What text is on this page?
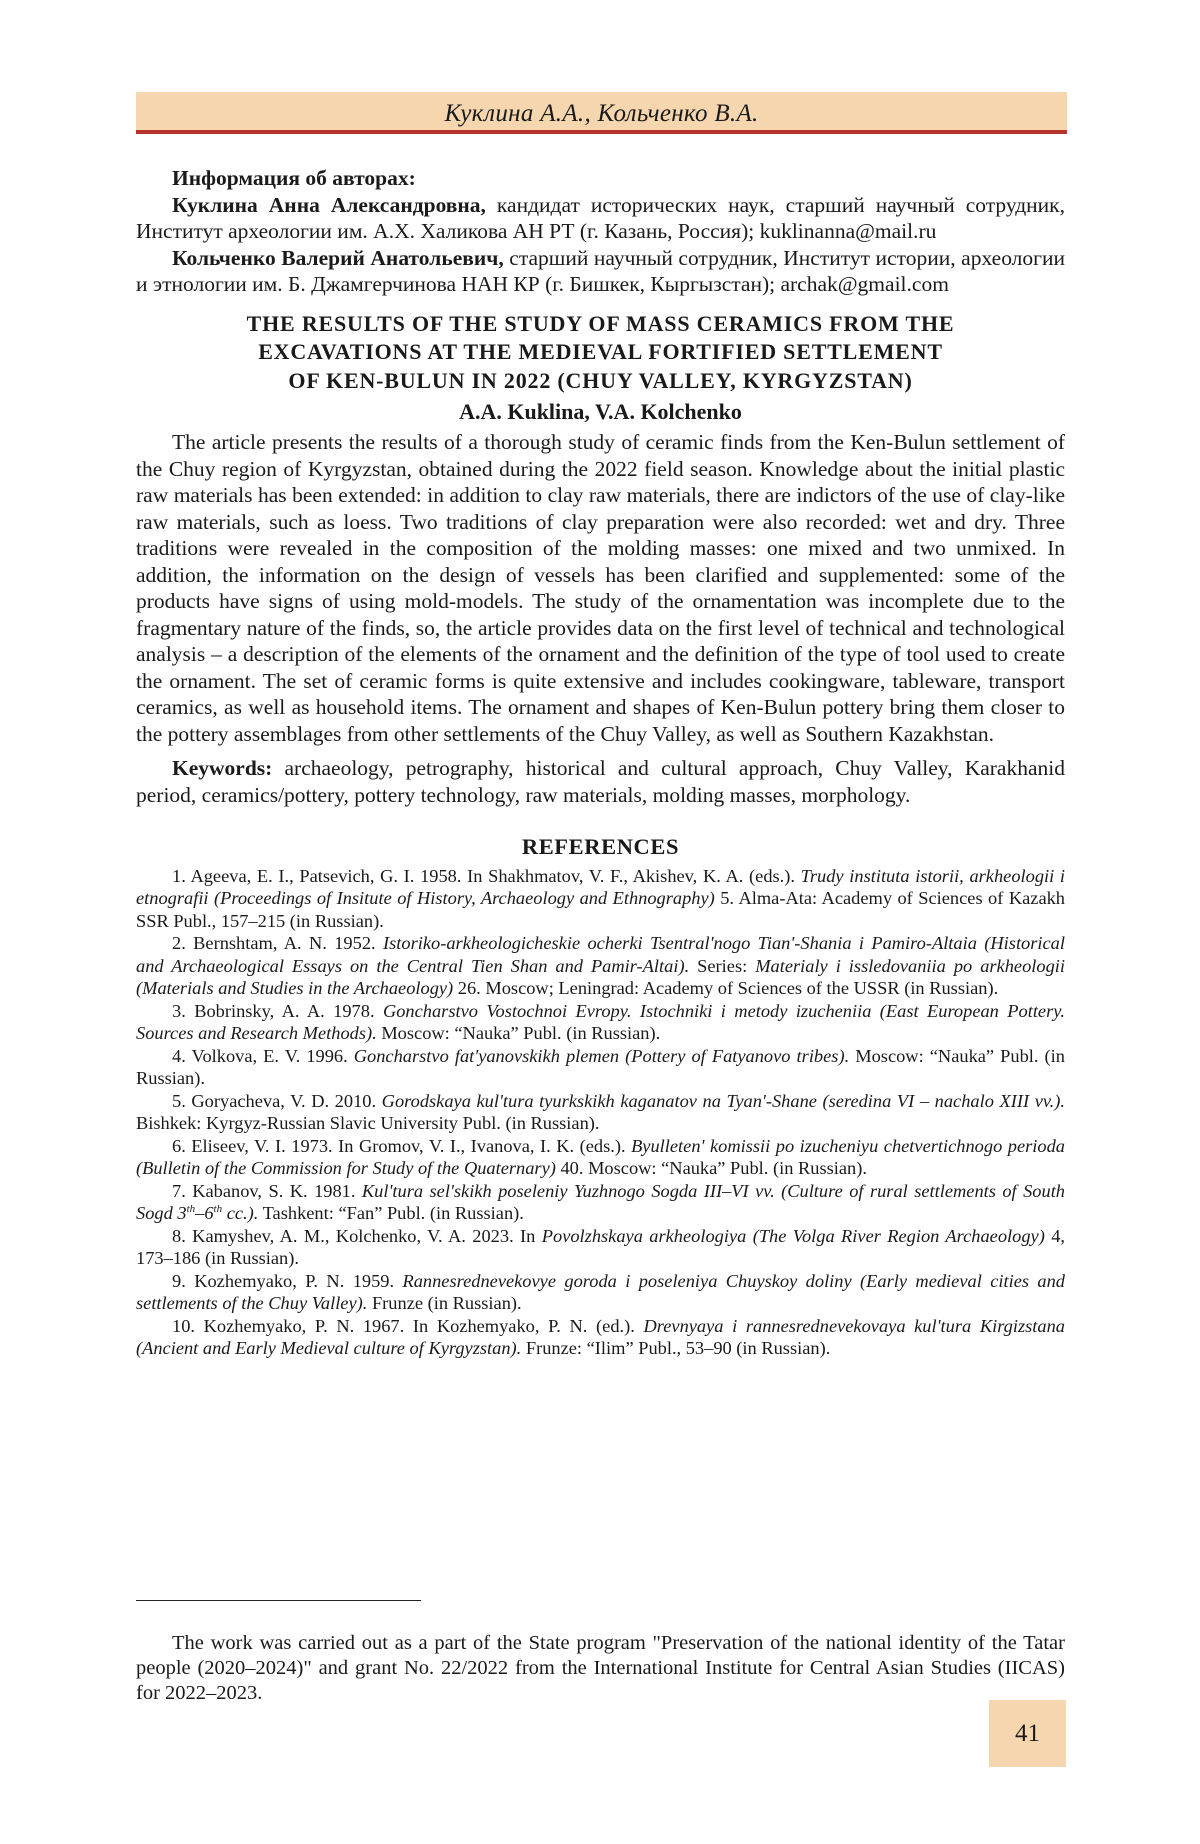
Куклина А.А., Кольченко В.А.

Информация об авторах:

Куклина Анна Александровна, кандидат исторических наук, старший научный сотрудник, Институт археологии им. А.Х. Халикова АН РТ (г. Казань, Россия); kuklinanna@mail.ru

Кольченко Валерий Анатольевич, старший научный сотрудник, Институт истории, археологии и этнологии им. Б. Джамгерчинова НАН КР (г. Бишкек, Кыргызстан); archak@gmail.com

THE RESULTS OF THE STUDY OF MASS CERAMICS FROM THE
EXCAVATIONS AT THE MEDIEVAL FORTIFIED SETTLEMENT
OF KEN-BULUN IN 2022 (CHUY VALLEY, KYRGYZSTAN)

A.A. Kuklina, V.A. Kolchenko

The article presents the results of a thorough study of ceramic finds from the Ken-Bulun settlement of the Chuy region of Kyrgyzstan, obtained during the 2022 field season. Knowledge about the initial plastic raw materials has been extended: in addition to clay raw materials, there are indictors of the use of clay-like raw materials, such as loess. Two traditions of clay preparation were also recorded: wet and dry. Three traditions were revealed in the composition of the molding masses: one mixed and two unmixed. In addition, the information on the design of vessels has been clarified and supplemented: some of the products have signs of using mold-models. The study of the ornamentation was incomplete due to the fragmentary nature of the finds, so, the article provides data on the first level of technical and technological analysis – a description of the elements of the ornament and the definition of the type of tool used to create the ornament. The set of ceramic forms is quite extensive and includes cookingware, tableware, transport ceramics, as well as household items. The ornament and shapes of Ken-Bulun pottery bring them closer to the pottery assemblages from other settlements of the Chuy Valley, as well as Southern Kazakhstan.

Keywords: archaeology, petrography, historical and cultural approach, Chuy Valley, Karakhanid period, ceramics/pottery, pottery technology, raw materials, molding masses, morphology.

REFERENCES

1. Ageeva, E. I., Patsevich, G. I. 1958. In Shakhmatov, V. F., Akishev, K. A. (eds.). Trudy instituta istorii, arkheologii i etnografii (Proceedings of Insitute of History, Archaeology and Ethnography) 5. Alma-Ata: Academy of Sciences of Kazakh SSR Publ., 157–215 (in Russian).

2. Bernshtam, A. N. 1952. Istoriko-arkheologicheskie ocherki Tsentral'nogo Tian'-Shania i Pamiro-Altaia (Historical and Archaeological Essays on the Central Tien Shan and Pamir-Altai). Series: Materialy i issledovaniia po arkheologii (Materials and Studies in the Archaeology) 26. Moscow; Leningrad: Academy of Sciences of the USSR (in Russian).

3. Bobrinsky, A. A. 1978. Goncharstvo Vostochnoi Evropy. Istochniki i metody izucheniia (East European Pottery. Sources and Research Methods). Moscow: “Nauka” Publ. (in Russian).

4. Volkova, E. V. 1996. Goncharstvo fat'yanovskikh plemen (Pottery of Fatyanovo tribes). Moscow: “Nauka” Publ. (in Russian).

5. Goryacheva, V. D. 2010. Gorodskaya kul'tura tyurkskikh kaganatov na Tyan'-Shane (seredina VI – nachalo XIII vv.). Bishkek: Kyrgyz-Russian Slavic University Publ. (in Russian).

6. Eliseev, V. I. 1973. In Gromov, V. I., Ivanova, I. K. (eds.). Byulleten' komissii po izucheniyu chetvertichnogo perioda (Bulletin of the Commission for Study of the Quaternary) 40. Moscow: “Nauka” Publ. (in Russian).

7. Kabanov, S. K. 1981. Kul'tura sel'skikh poseleniy Yuzhnogo Sogda III–VI vv. (Culture of rural settlements of South Sogd 3th–6th cc.). Tashkent: “Fan” Publ. (in Russian).

8. Kamyshev, A. M., Kolchenko, V. A. 2023. In Povolzhskaya arkheologiya (The Volga River Region Archaeology) 4, 173–186 (in Russian).

9. Kozhemyako, P. N. 1959. Rannesrednevekovye goroda i poseleniya Chuyskoy doliny (Early medieval cities and settlements of the Chuy Valley). Frunze (in Russian).

10. Kozhemyako, P. N. 1967. In Kozhemyako, P. N. (ed.). Drevnyaya i rannesrednevekovaya kul'tura Kirgizstana (Ancient and Early Medieval culture of Kyrgyzstan). Frunze: “Ilim” Publ., 53–90 (in Russian).

The work was carried out as a part of the State program "Preservation of the national identity of the Tatar people (2020–2024)" and grant No. 22/2022 from the International Institute for Central Asian Studies (IICAS) for 2022–2023.

41
